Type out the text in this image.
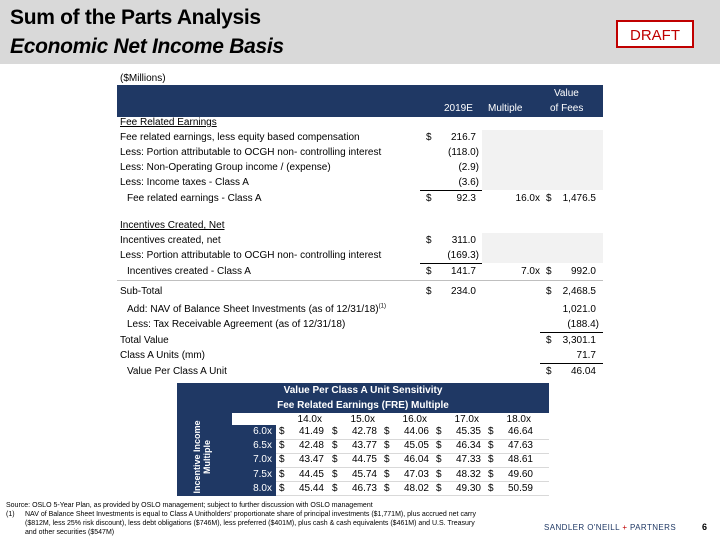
Sum of the Parts Analysis
Economic Net Income Basis	DRAFT
($Millions)
2019E Multiple
Value
of Fees
Fee Related Earnings
Fee related earnings, less equity based compensation	$	216.7
Less: Portion attributable to OCGH non- controlling interest	(118.0)
Less: Non-Operating Group income / (expense)	(2.9)
Less: Income taxes - Class A	(3.6)
Fee related earnings - Class A	$	92.3	16.0x $	1,476.5
Incentives Created, Net
Incentives created, net	$	311.0
Less: Portion attributable to OCGH non- controlling interest	(169.3)
Incentives created - Class A	$	141.7	7.0x $	992.0
Sub-Total	$	234.0	$	2,468.5
Add: NAV of Balance Sheet Investments (as of 12/31/18)$^{(1)}$	1,021.0
Less: Tax Receivable Agreement (as of 12/31/18)	(188.4)
Total Value	$	3,301.1
Class A Units (mm)	71.7
Value Per Class A Unit	$	46.04
Value Per Class A Unit Sensitivity
Fee Related Earnings (FRE) Multiple
Incentive Income
Multiple
14.0x	15.0x	16.0x	17.0x	18.0x
6.0x $	41.49 $	42.78 $	44.06 $	45.35 $	46.64
6.5x $	42.48 $	43.77 $	45.05 $	46.34 $	47.63
7.0x $	43.47 $	44.75 $	46.04 $	47.33 $	48.61
7.5x $	44.45 $	45.74 $	47.03 $	48.32 $	49.60
8.0x $	45.44 $	46.73 $	48.02 $	49.30 $	50.59
Source: OSLO 5-Year Plan, as provided by OSLO management; subject to further discussion with OSLO management
(1) NAV of Balance Sheet Investments is equal to Class A Unitholders' proportionate share of principal investments ($1,771M), plus accrued net carry
($812M, less 25% risk discount), less debt obligations ($746M), less preferred ($401M), plus cash & cash equivalents ($461M) and U.S. Treasury
and other securities ($547M)
SANDLER O'NEILL + PARTNERS	6
